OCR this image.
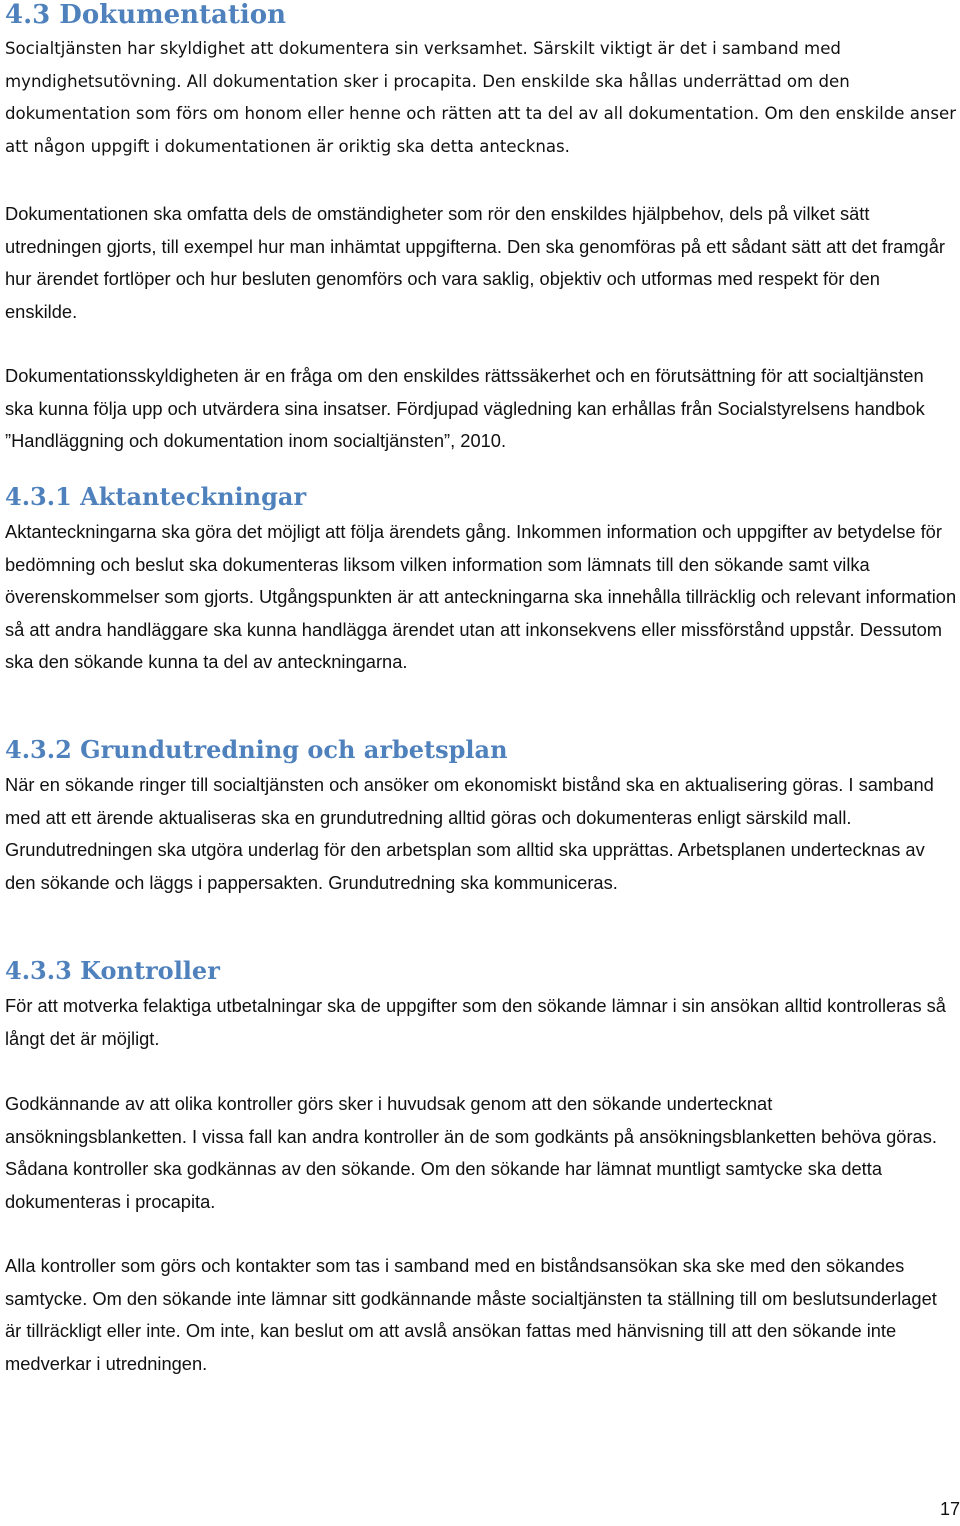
4.3 Dokumentation

Socialtjänsten har skyldighet att dokumentera sin verksamhet. Särskilt viktigt är det i samband med myndighetsutövning. All dokumentation sker i procapita. Den enskilde ska hållas underrättad om den dokumentation som förs om honom eller henne och rätten att ta del av all dokumentation. Om den enskilde anser att någon uppgift i dokumentationen är oriktig ska detta antecknas.

Dokumentationen ska omfatta dels de omständigheter som rör den enskildes hjälpbehov, dels på vilket sätt utredningen gjorts, till exempel hur man inhämtat uppgifterna. Den ska genomföras på ett sådant sätt att det framgår hur ärendet fortlöper och hur besluten genomförs och vara saklig, objektiv och utformas med respekt för den enskilde.

Dokumentationsskyldigheten är en fråga om den enskildes rättssäkerhet och en förutsättning för att socialtjänsten ska kunna följa upp och utvärdera sina insatser. Fördjupad vägledning kan erhållas från Socialstyrelsens handbok ”Handläggning och dokumentation inom socialtjänsten”, 2010.

4.3.1 Aktanteckningar

Aktanteckningarna ska göra det möjligt att följa ärendets gång. Inkommen information och uppgifter av betydelse för bedömning och beslut ska dokumenteras liksom vilken information som lämnats till den sökande samt vilka överenskommelser som gjorts. Utgångspunkten är att anteckningarna ska innehålla tillräcklig och relevant information så att andra handläggare ska kunna handlägga ärendet utan att inkonsekvens eller missförstånd uppstår. Dessutom ska den sökande kunna ta del av anteckningarna.

4.3.2 Grundutredning och arbetsplan

När en sökande ringer till socialtjänsten och ansöker om ekonomiskt bistånd ska en aktualisering göras. I samband med att ett ärende aktualiseras ska en grundutredning alltid göras och dokumenteras enligt särskild mall. Grundutredningen ska utgöra underlag för den arbetsplan som alltid ska upprättas. Arbetsplanen undertecknas av den sökande och läggs i pappersakten. Grundutredning ska kommuniceras.

4.3.3 Kontroller

För att motverka felaktiga utbetalningar ska de uppgifter som den sökande lämnar i sin ansökan alltid kontrolleras så långt det är möjligt.

Godkännande av att olika kontroller görs sker i huvudsak genom att den sökande undertecknat ansökningsblanketten. I vissa fall kan andra kontroller än de som godkänts på ansökningsblanketten behöva göras. Sådana kontroller ska godkännas av den sökande. Om den sökande har lämnat muntligt samtycke ska detta dokumenteras i procapita.

Alla kontroller som görs och kontakter som tas i samband med en biståndsansökan ska ske med den sökandes samtycke. Om den sökande inte lämnar sitt godkännande måste socialtjänsten ta ställning till om beslutsunderlaget är tillräckligt eller inte. Om inte, kan beslut om att avslå ansökan fattas med hänvisning till att den sökande inte medverkar i utredningen.

17
